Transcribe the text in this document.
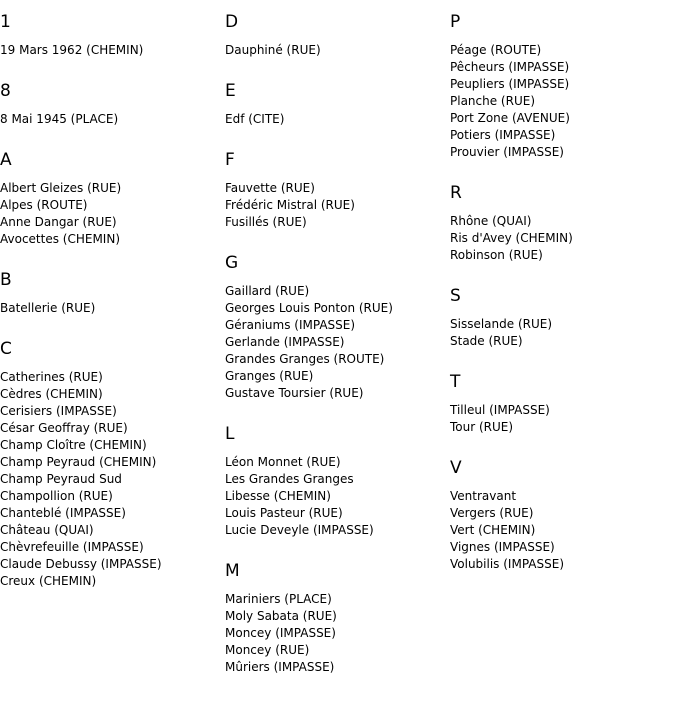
1
19 Mars 1962 (CHEMIN)
8
8 Mai 1945 (PLACE)
A
Albert Gleizes (RUE)
Alpes (ROUTE)
Anne Dangar (RUE)
Avocettes (CHEMIN)
B
Batellerie (RUE)
C
Catherines (RUE)
Cèdres (CHEMIN)
Cerisiers (IMPASSE)
César Geoffray (RUE)
Champ Cloître (CHEMIN)
Champ Peyraud (CHEMIN)
Champ Peyraud Sud
Champollion (RUE)
Chanteblé (IMPASSE)
Château (QUAI)
Chèvrefeuille (IMPASSE)
Claude Debussy (IMPASSE)
Creux (CHEMIN)
D
Dauphiné (RUE)
E
Edf (CITE)
F
Fauvette (RUE)
Frédéric Mistral (RUE)
Fusillés (RUE)
G
Gaillard (RUE)
Georges Louis Ponton (RUE)
Géraniums (IMPASSE)
Gerlande (IMPASSE)
Grandes Granges (ROUTE)
Granges (RUE)
Gustave Toursier (RUE)
L
Léon Monnet (RUE)
Les Grandes Granges
Libesse (CHEMIN)
Louis Pasteur (RUE)
Lucie Deveyle (IMPASSE)
M
Mariniers (PLACE)
Moly Sabata (RUE)
Moncey (IMPASSE)
Moncey (RUE)
Mûriers (IMPASSE)
P
Péage (ROUTE)
Pêcheurs (IMPASSE)
Peupliers (IMPASSE)
Planche (RUE)
Port Zone (AVENUE)
Potiers (IMPASSE)
Prouvier (IMPASSE)
R
Rhône (QUAI)
Ris d'Avey (CHEMIN)
Robinson (RUE)
S
Sisselande (RUE)
Stade (RUE)
T
Tilleul (IMPASSE)
Tour (RUE)
V
Ventravant
Vergers (RUE)
Vert (CHEMIN)
Vignes (IMPASSE)
Volubilis (IMPASSE)
